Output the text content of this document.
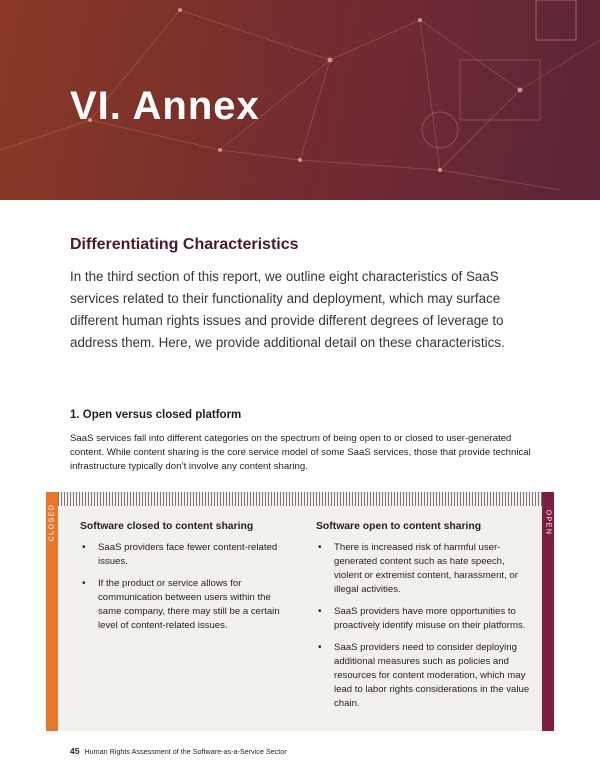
VI. Annex
Differentiating Characteristics
In the third section of this report, we outline eight characteristics of SaaS services related to their functionality and deployment, which may surface different human rights issues and provide different degrees of leverage to address them. Here, we provide additional detail on these characteristics.
1. Open versus closed platform
SaaS services fall into different categories on the spectrum of being open to or closed to user-generated content. While content sharing is the core service model of some SaaS services, those that provide technical infrastructure typically don’t involve any content sharing.
CLOSED	OPEN
Software closed to content sharing
• SaaS providers face fewer content-related issues.
• If the product or service allows for communication between users within the same company, there may still be a certain level of content-related issues.
Software open to content sharing
• There is increased risk of harmful user-generated content such as hate speech, violent or extremist content, harassment, or illegal activities.
• SaaS providers have more opportunities to proactively identify misuse on their platforms.
• SaaS providers need to consider deploying additional measures such as policies and resources for content moderation, which may lead to labor rights considerations in the value chain.
45 Human Rights Assessment of the Software-as-a-Service Sector
